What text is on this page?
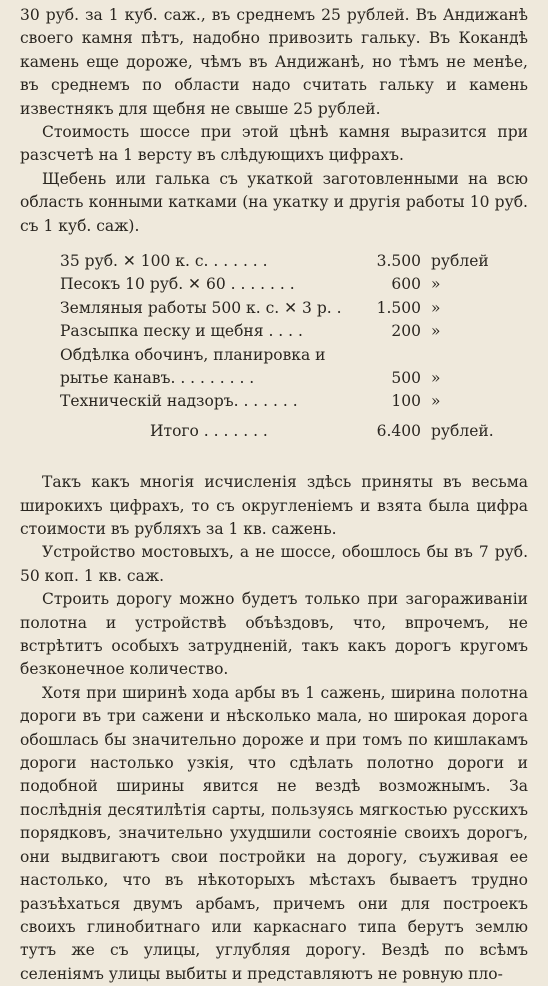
30 руб. за 1 куб. саж., въ среднемъ 25 рублей. Въ Андижанѣ своего камня пѣтъ, надобно привозить гальку. Въ Кокандѣ камень еще дороже, чѣмъ въ Андижанѣ, но тѣмъ не менѣе, въ среднемъ по области надо считать гальку и камень известнякъ для щебня не свыше 25 рублей.

Стоимость шоссе при этой цѣнѣ камня выразится при разсчетѣ на 1 версту въ слѣдующихъ цифрахъ.

Щебень или галька съ укаткой заготовленными на всю область конными катками (на укатку и другія работы 10 руб. съ 1 куб. саж).

35 руб. ✕ 100 к. с. . . . . . .	3.500 рублей
Песокъ 10 руб. ✕ 60 . . . . . . .	600 »
Земляныя работы 500 к. с. ✕ 3 р. .	1.500 »
Разсыпка песку и щебня . . . .	200 »
Обдѣлка обочинъ, планировка и
рытье канавъ. . . . . . . . .	500 »
Техническій надзоръ. . . . . . .	100 »
Итого . . . . . . .	6.400 рублей.

Такъ какъ многія исчисленія здѣсь приняты въ весьма широкихъ цифрахъ, то съ округленіемъ и взята была цифра стоимости въ рубляхъ за 1 кв. сажень.

Устройство мостовыхъ, а не шоссе, обошлось бы въ 7 руб. 50 коп. 1 кв. саж.

Строить дорогу можно будетъ только при загораживаніи полотна и устройствѣ объѣздовъ, что, впрочемъ, не встрѣтитъ особыхъ затрудненій, такъ какъ дорогъ кругомъ безконечное количество.

Хотя при ширинѣ хода арбы въ 1 сажень, ширина полотна дороги въ три сажени и нѣсколько мала, но широкая дорога обошлась бы значительно дороже и при томъ по кишлакамъ дороги настолько узкія, что сдѣлать полотно дороги и подобной ширины явится не вездѣ возможнымъ. За послѣднія десятилѣтія сарты, пользуясь мягкостью русскихъ порядковъ, значительно ухудшили состояніе своихъ дорогъ, они выдвигаютъ свои постройки на дорогу, съуживая ее настолько, что въ нѣкоторыхъ мѣстахъ бываетъ трудно разъѣхаться двумъ арбамъ, причемъ они для построекъ своихъ глинобитнаго или каркаснаго типа берутъ землю тутъ же съ улицы, углубляя дорогу. Вездѣ по всѣмъ селеніямъ улицы выбиты и представляютъ не ровную пло-
